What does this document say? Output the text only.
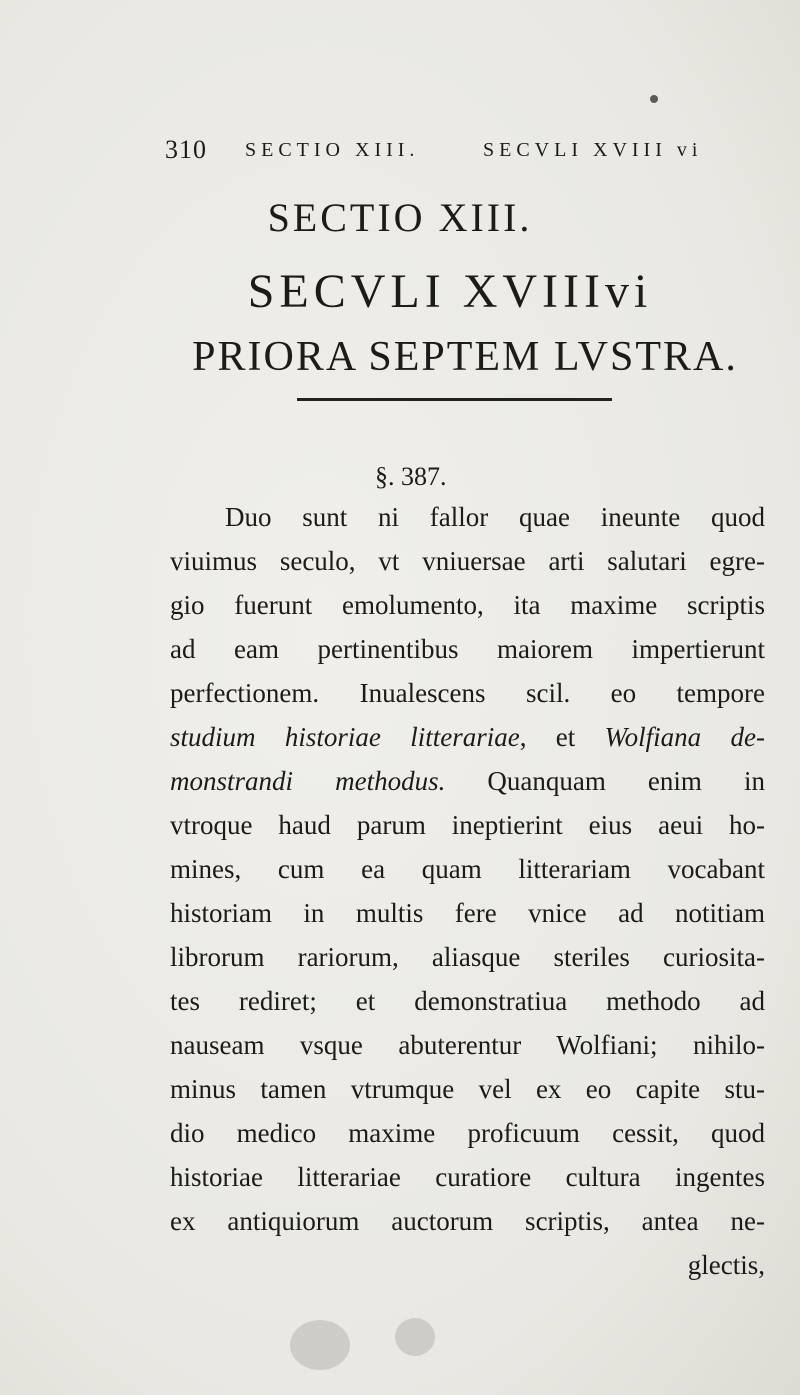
310 SECTIO XIII.	SECVLI XVIII vi
SECTIO XIII.
SECVLI XVIIIvi
PRIORA SEPTEM LVSTRA.
§. 387.
Duo sunt ni fallor quae ineunte quod
viuimus seculo, vt vniuersae arti salutari egre-
gio fuerunt emolumento, ita maxime scriptis
ad eam pertinentibus maiorem impertierunt
perfectionem. Inualescens scil. eo tempore
studium historiae litterariae, et Wolfiana de-
monstrandi methodus. Quanquam enim in
vtroque haud parum ineptierint eius aeui ho-
mines, cum ea quam litterariam vocabant
historiam in multis fere vnice ad notitiam
librorum rariorum, aliasque steriles curiosita-
tes rediret; et demonstratiua methodo ad
nauseam vsque abuterentur Wolfiani; nihilo-
minus tamen vtrumque vel ex eo capite stu-
dio medico maxime proficuum cessit, quod
historiae litterariae curatiore cultura ingentes
ex antiquiorum auctorum scriptis, antea ne-
glectis,
